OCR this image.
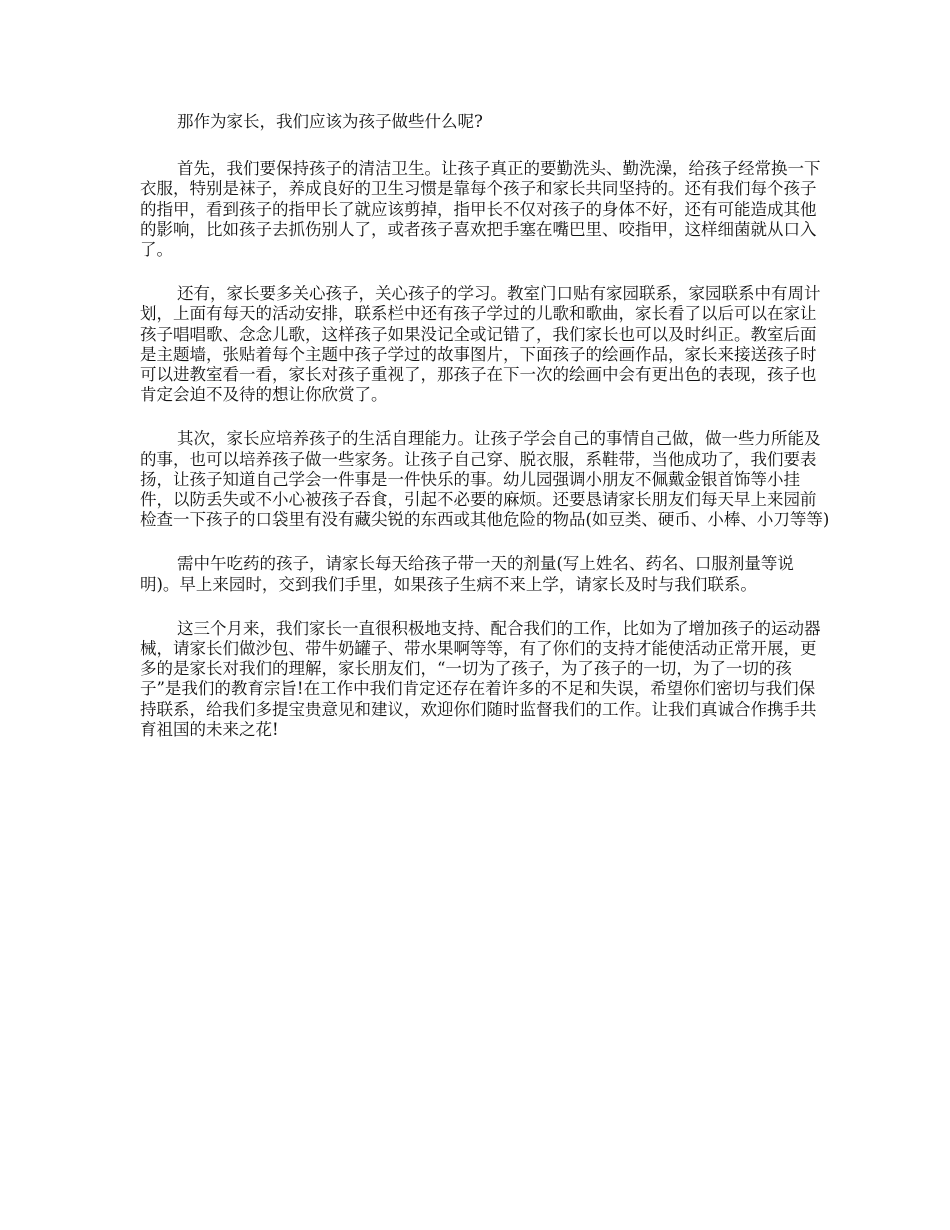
那作为家长，我们应该为孩子做些什么呢?

首先，我们要保持孩子的清洁卫生。让孩子真正的要勤洗头、勤洗澡，给孩子经常换一下衣服，特别是袜子，养成良好的卫生习惯是靠每个孩子和家长共同坚持的。还有我们每个孩子的指甲，看到孩子的指甲长了就应该剪掉，指甲长不仅对孩子的身体不好，还有可能造成其他的影响，比如孩子去抓伤别人了，或者孩子喜欢把手塞在嘴巴里、咬指甲，这样细菌就从口入了。

还有，家长要多关心孩子，关心孩子的学习。教室门口贴有家园联系，家园联系中有周计划，上面有每天的活动安排，联系栏中还有孩子学过的儿歌和歌曲，家长看了以后可以在家让孩子唱唱歌、念念儿歌，这样孩子如果没记全或记错了，我们家长也可以及时纠正。教室后面是主题墙，张贴着每个主题中孩子学过的故事图片，下面孩子的绘画作品，家长来接送孩子时可以进教室看一看，家长对孩子重视了，那孩子在下一次的绘画中会有更出色的表现，孩子也肯定会迫不及待的想让你欣赏了。

其次，家长应培养孩子的生活自理能力。让孩子学会自己的事情自己做，做一些力所能及的事，也可以培养孩子做一些家务。让孩子自己穿、脱衣服，系鞋带，当他成功了，我们要表扬，让孩子知道自己学会一件事是一件快乐的事。幼儿园强调小朋友不佩戴金银首饰等小挂件，以防丢失或不小心被孩子吞食，引起不必要的麻烦。还要恳请家长朋友们每天早上来园前检查一下孩子的口袋里有没有藏尖锐的东西或其他危险的物品(如豆类、硬币、小棒、小刀等等)

需中午吃药的孩子，请家长每天给孩子带一天的剂量(写上姓名、药名、口服剂量等说明)。早上来园时，交到我们手里，如果孩子生病不来上学，请家长及时与我们联系。

这三个月来，我们家长一直很积极地支持、配合我们的工作，比如为了增加孩子的运动器械，请家长们做沙包、带牛奶罐子、带水果啊等等，有了你们的支持才能使活动正常开展，更多的是家长对我们的理解，家长朋友们，“一切为了孩子，为了孩子的一切，为了一切的孩子”是我们的教育宗旨!在工作中我们肯定还存在着许多的不足和失误，希望你们密切与我们保持联系，给我们多提宝贵意见和建议，欢迎你们随时监督我们的工作。让我们真诚合作携手共育祖国的未来之花!
